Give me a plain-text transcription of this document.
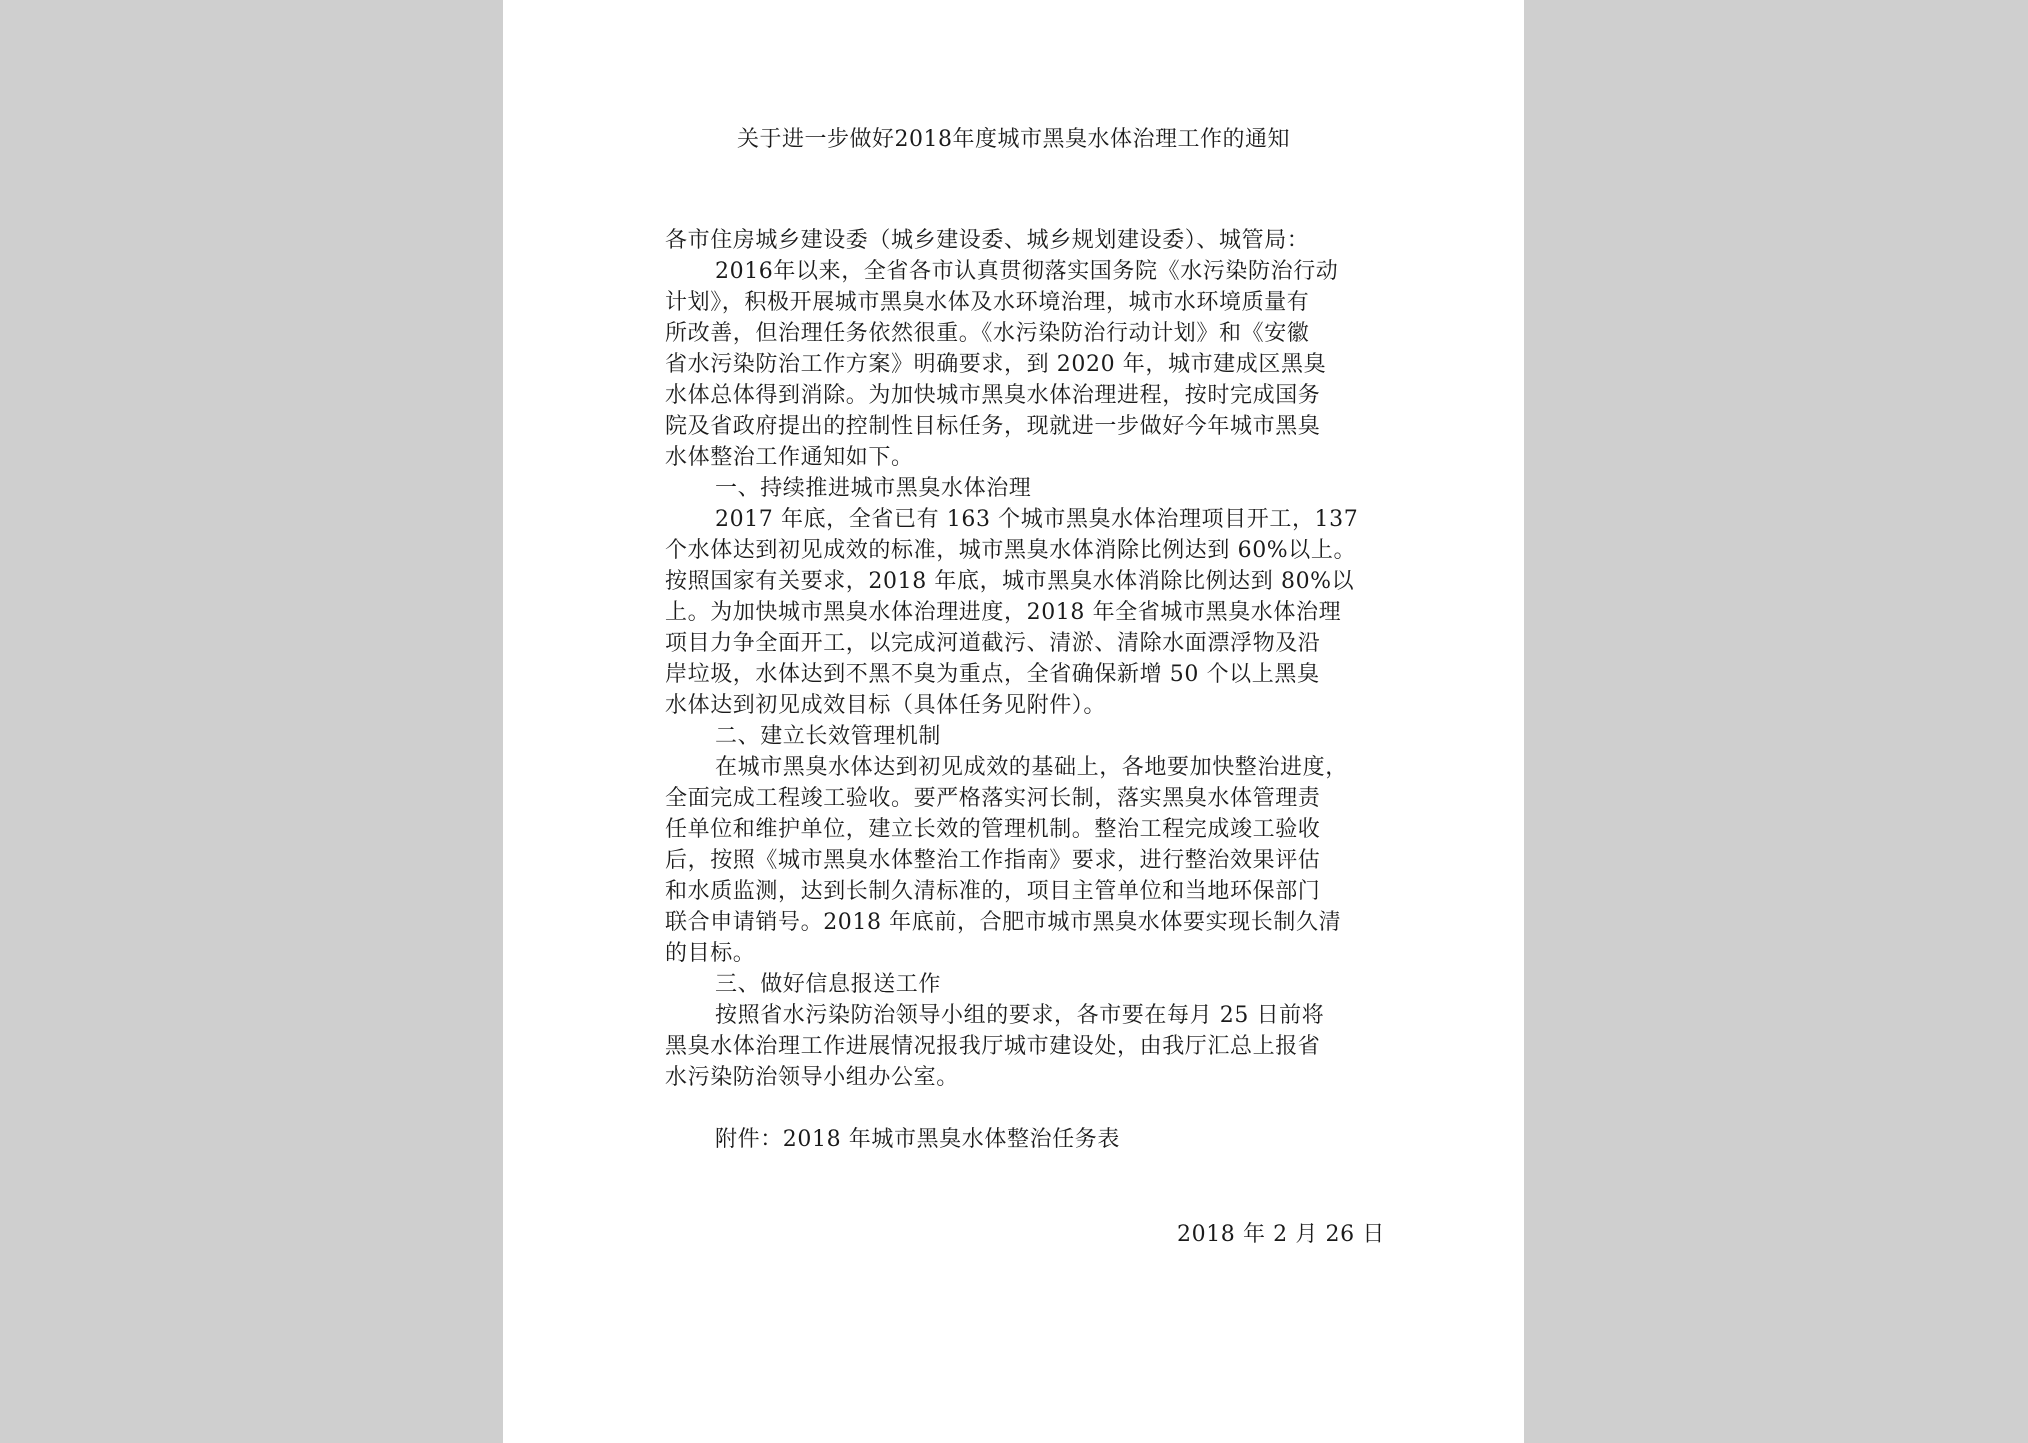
关于进一步做好2018年度城市黑臭水体治理工作的通知
各市住房城乡建设委（城乡建设委、城乡规划建设委）、城管局：
2016年以来，全省各市认真贯彻落实国务院《水污染防治行动
计划》，积极开展城市黑臭水体及水环境治理，城市水环境质量有
所改善，但治理任务依然很重。《水污染防治行动计划》和《安徽
省水污染防治工作方案》明确要求，到 2020 年，城市建成区黑臭
水体总体得到消除。为加快城市黑臭水体治理进程，按时完成国务
院及省政府提出的控制性目标任务，现就进一步做好今年城市黑臭
水体整治工作通知如下。
一、持续推进城市黑臭水体治理
2017 年底，全省已有 163 个城市黑臭水体治理项目开工，137
个水体达到初见成效的标准，城市黑臭水体消除比例达到 60%以上。
按照国家有关要求，2018 年底，城市黑臭水体消除比例达到 80%以
上。为加快城市黑臭水体治理进度，2018 年全省城市黑臭水体治理
项目力争全面开工，以完成河道截污、清淤、清除水面漂浮物及沿
岸垃圾，水体达到不黑不臭为重点，全省确保新增 50 个以上黑臭
水体达到初见成效目标（具体任务见附件）。
二、建立长效管理机制
在城市黑臭水体达到初见成效的基础上，各地要加快整治进度，
全面完成工程竣工验收。要严格落实河长制，落实黑臭水体管理责
任单位和维护单位，建立长效的管理机制。整治工程完成竣工验收
后，按照《城市黑臭水体整治工作指南》要求，进行整治效果评估
和水质监测，达到长制久清标准的，项目主管单位和当地环保部门
联合申请销号。2018 年底前，合肥市城市黑臭水体要实现长制久清
的目标。
三、做好信息报送工作
按照省水污染防治领导小组的要求，各市要在每月 25 日前将
黑臭水体治理工作进展情况报我厅城市建设处，由我厅汇总上报省
水污染防治领导小组办公室。
附件：2018 年城市黑臭水体整治任务表
2018 年 2 月 26 日
